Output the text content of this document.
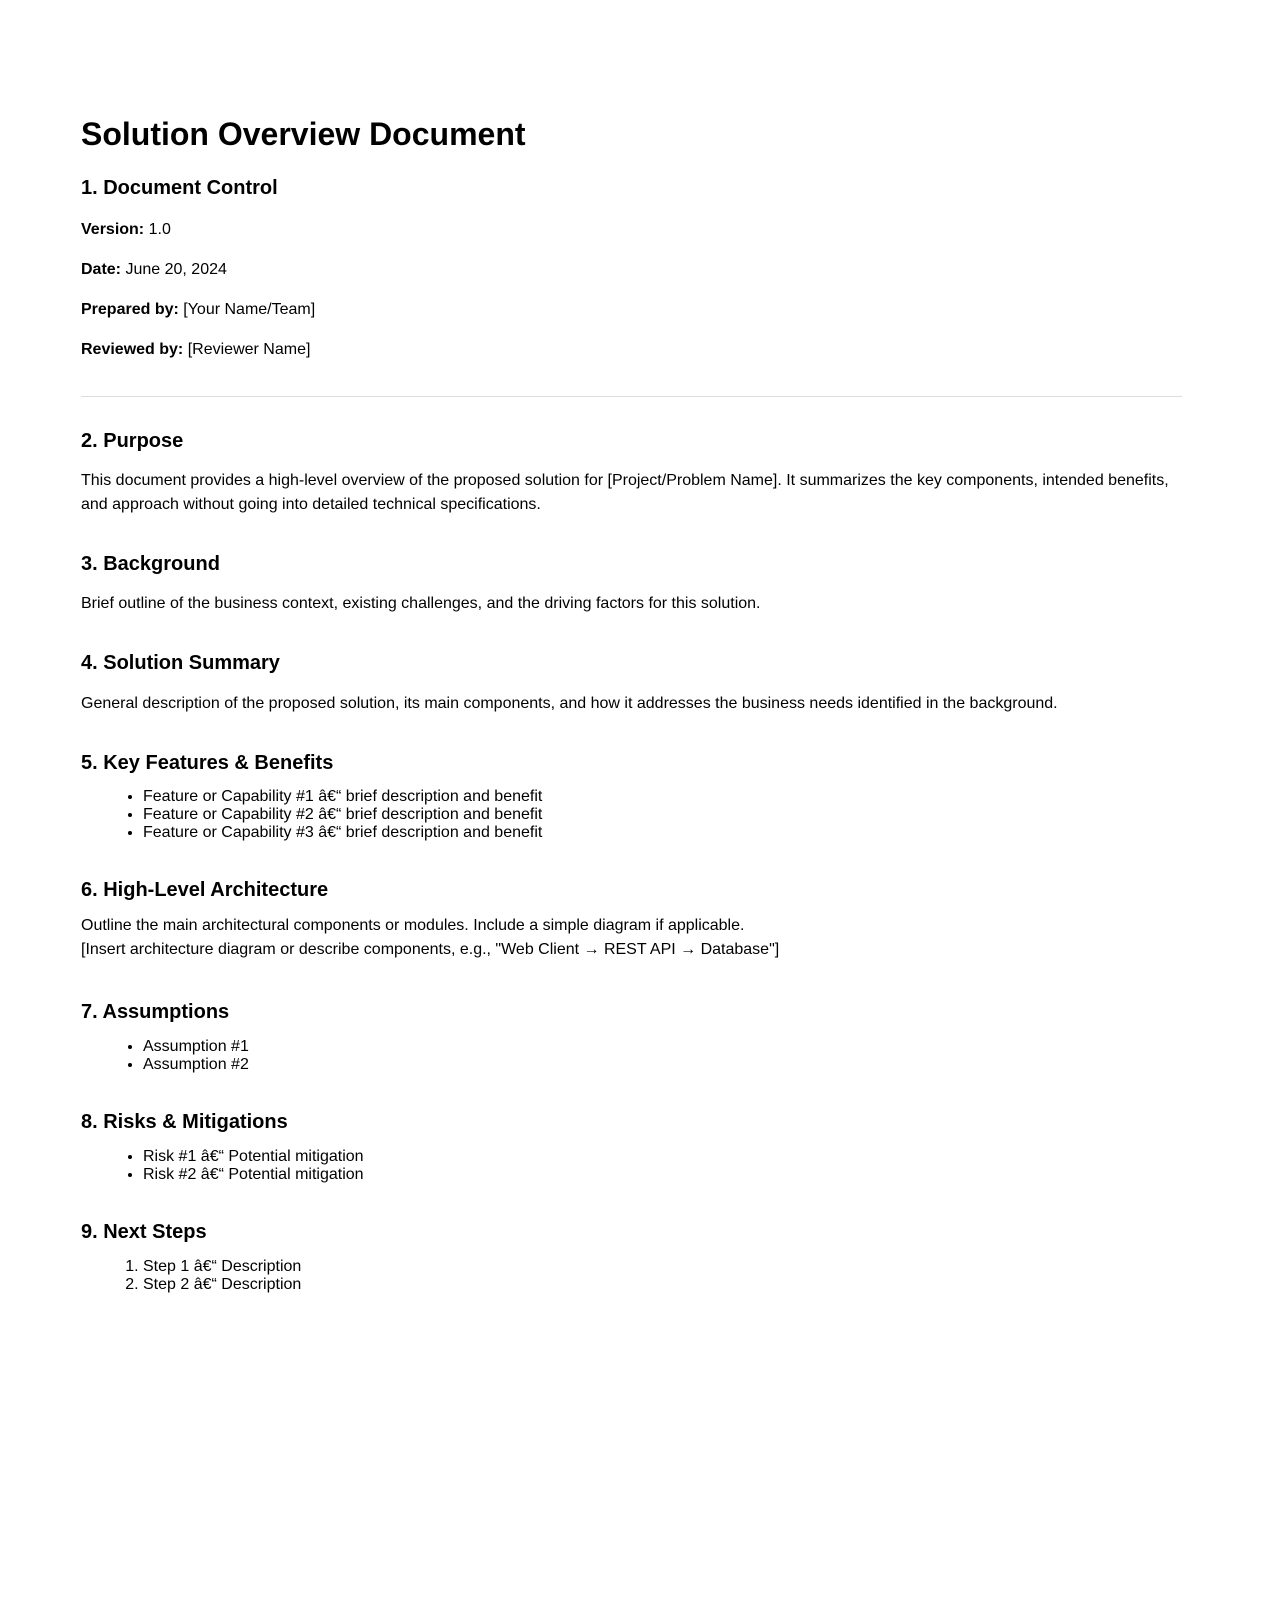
Solution Overview Document
1. Document Control

Version: 1.0

Date: June 20, 2024

Prepared by: [Your Name/Team]

Reviewed by: [Reviewer Name]

2. Purpose

This document provides a high-level overview of the proposed solution for [Project/Problem Name]. It summarizes the key components, intended benefits, and approach without going into detailed technical specifications.

3. Background

Brief outline of the business context, existing challenges, and the driving factors for this solution.

4. Solution Summary

General description of the proposed solution, its main components, and how it addresses the business needs identified in the background.

5. Key Features & Benefits
• Feature or Capability #1 â€“ brief description and benefit
• Feature or Capability #2 â€“ brief description and benefit
• Feature or Capability #3 â€“ brief description and benefit
6. High-Level Architecture

Outline the main architectural components or modules. Include a simple diagram if applicable.

[Insert architecture diagram or describe components, e.g., "Web Client → REST API → Database"]

7. Assumptions
• Assumption #1
• Assumption #2
8. Risks & Mitigations
• Risk #1 â€“ Potential mitigation
• Risk #2 â€“ Potential mitigation
9. Next Steps
1. Step 1 â€“ Description
2. Step 2 â€“ Description
